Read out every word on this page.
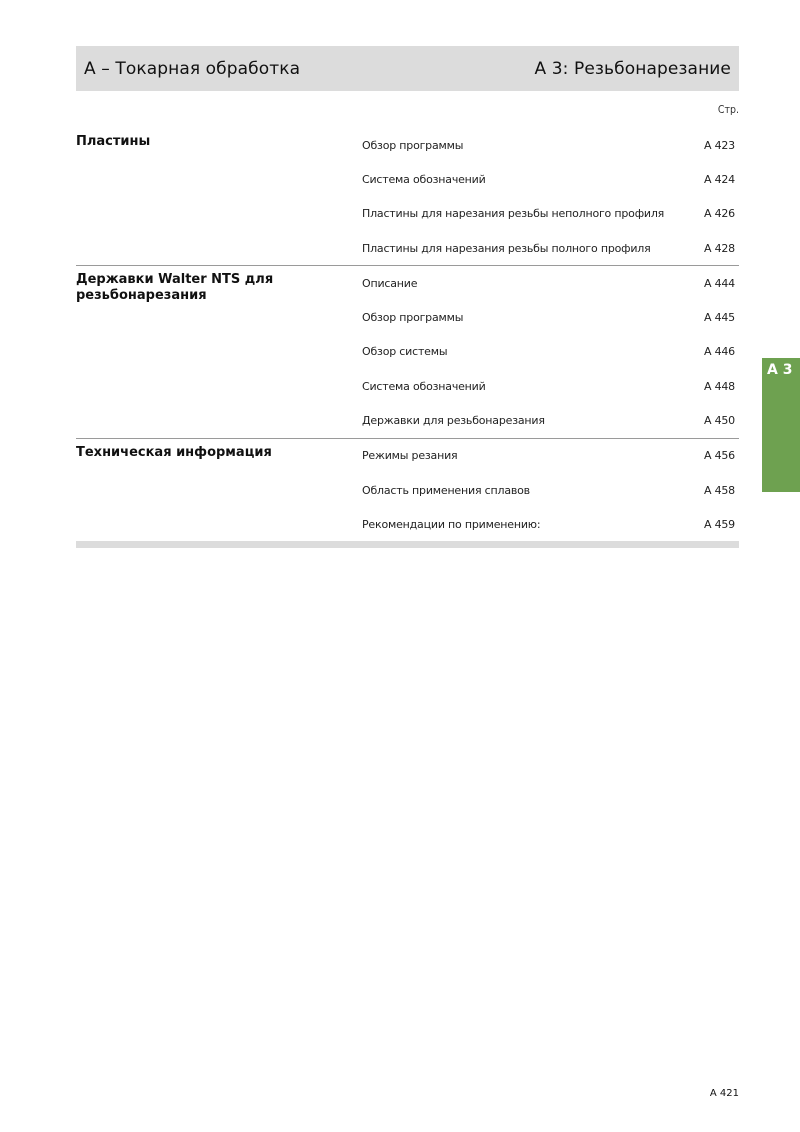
A – Токарная обработка	A 3: Резьбонарезание
Стр.
Пластины	Обзор программы	A 423
Система обозначений	A 424
Пластины для нарезания резьбы неполного профиля	A 426
Пластины для нарезания резьбы полного профиля	A 428
Державки Walter NTS для резьбонарезания
Описание	A 444
Обзор программы	A 445
Обзор системы	A 446
Система обозначений	A 448
Державки для резьбонарезания	A 450
Техническая информация	Режимы резания	A 456
Область применения сплавов	A 458
Рекомендации по применению:	A 459
A 3
A 421
